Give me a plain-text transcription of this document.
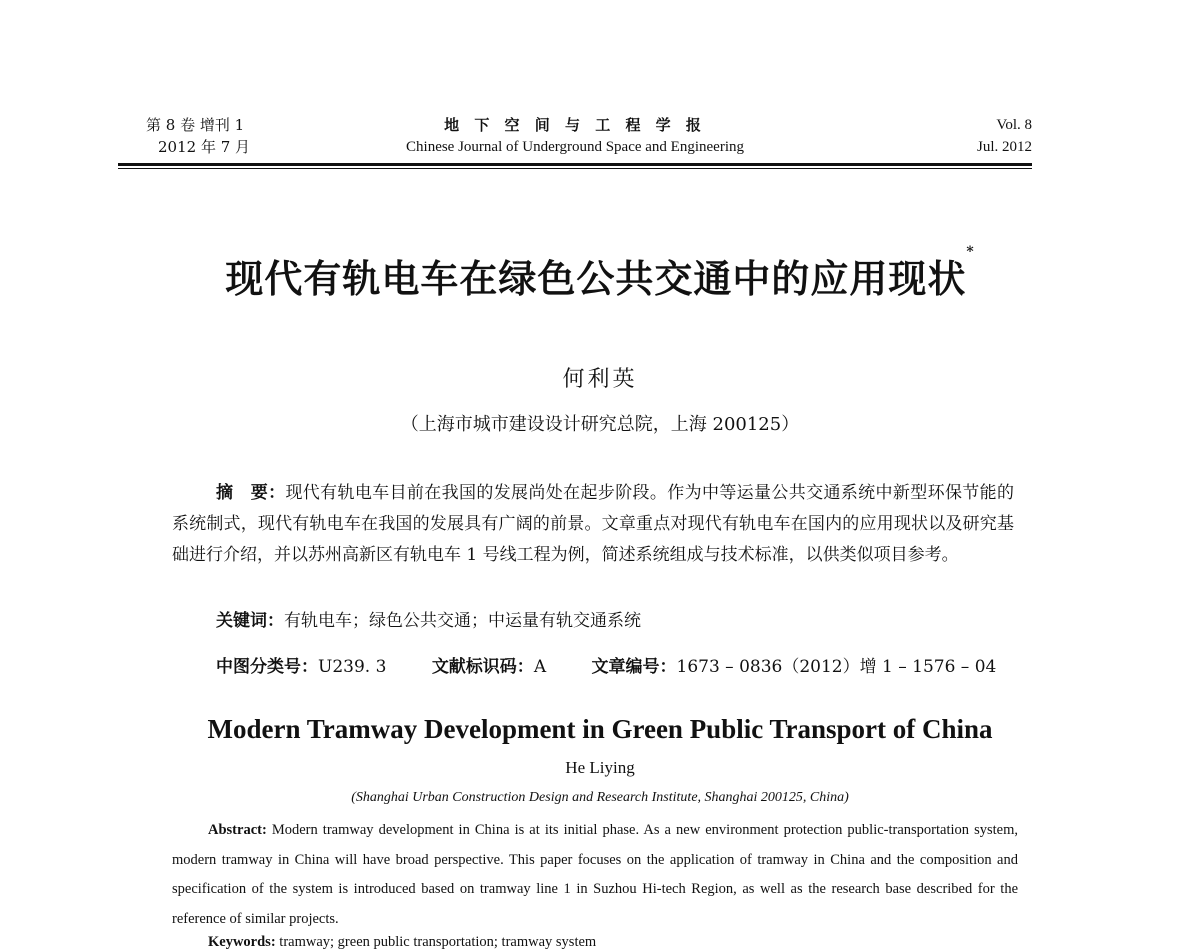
第 8 卷 增刊 1
2012 年 7 月
地 下 空 间 与 工 程 学 报
Chinese Journal of Underground Space and Engineering
Vol. 8
Jul. 2012
现代有轨电车在绿色公共交通中的应用现状*
何利英
（上海市城市建设设计研究总院，上海 200125）
摘　要：现代有轨电车目前在我国的发展尚处在起步阶段。作为中等运量公共交通系统中新型环保节能的系统制式，现代有轨电车在我国的发展具有广阔的前景。文章重点对现代有轨电车在国内的应用现状以及研究基础进行介绍，并以苏州高新区有轨电车 1 号线工程为例，简述系统组成与技术标准，以供类似项目参考。
关键词：有轨电车；绿色公共交通；中运量有轨交通系统
中图分类号：U239. 3	文献标识码：A	文章编号：1673 – 0836（2012）增 1 – 1576 – 04
Modern Tramway Development in Green Public Transport of China
He Liying
(Shanghai Urban Construction Design and Research Institute, Shanghai 200125, China)
Abstract: Modern tramway development in China is at its initial phase. As a new environment protection public-transportation system, modern tramway in China will have broad perspective. This paper focuses on the application of tramway in China and the composition and specification of the system is introduced based on tramway line 1 in Suzhou Hi-tech Region, as well as the research base described for the reference of similar projects.
Keywords: tramway; green public transportation; tramway system
